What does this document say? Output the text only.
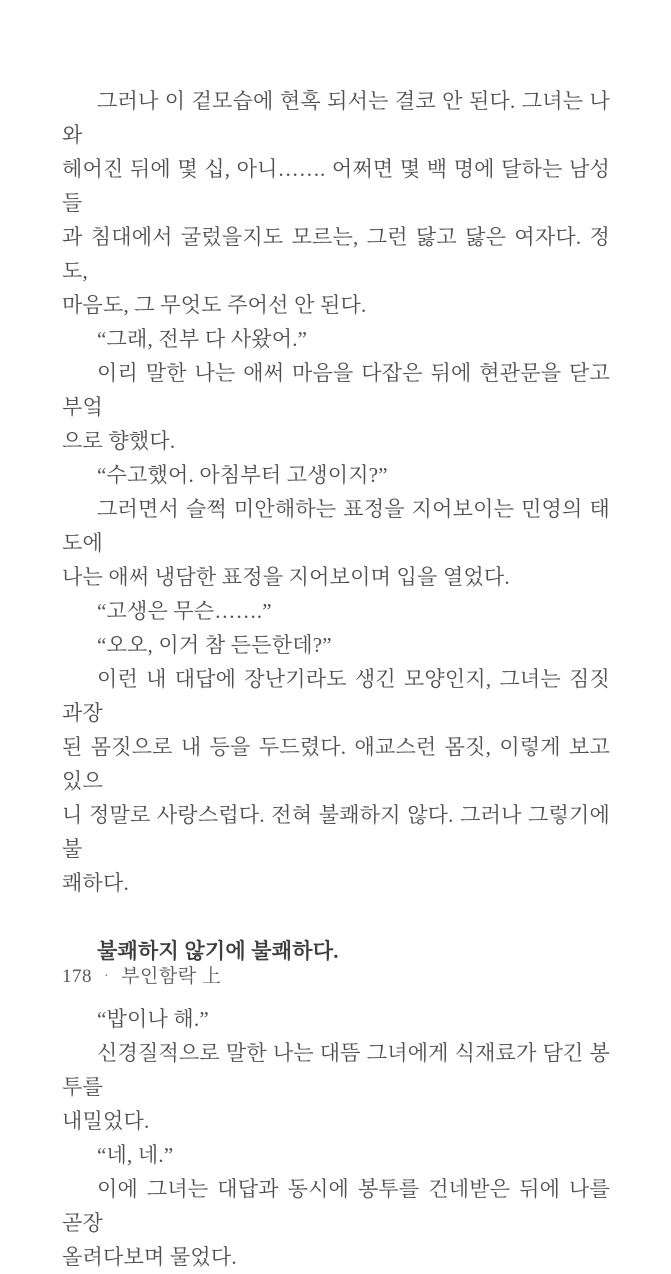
그러나 이 겉모습에 현혹 되서는 결코 안 된다. 그녀는 나와
헤어진 뒤에 몇 십, 아니……. 어쩌면 몇 백 명에 달하는 남성들
과 침대에서 굴렀을지도 모르는, 그런 닳고 닳은 여자다. 정도,
마음도, 그 무엇도 주어선 안 된다.
“그래, 전부 다 사왔어.”
이리 말한 나는 애써 마음을 다잡은 뒤에 현관문을 닫고 부엌
으로 향했다.
“수고했어. 아침부터 고생이지?”
그러면서 슬쩍 미안해하는 표정을 지어보이는 민영의 태도에
나는 애써 냉담한 표정을 지어보이며 입을 열었다.
“고생은 무슨…….”
“오오, 이거 참 든든한데?”
이런 내 대답에 장난기라도 생긴 모양인지, 그녀는 짐짓 과장
된 몸짓으로 내 등을 두드렸다. 애교스런 몸짓, 이렇게 보고 있으
니 정말로 사랑스럽다. 전혀 불쾌하지 않다. 그러나 그렇기에 불
쾌하다.
불쾌하지 않기에 불쾌하다.
“밥이나 해.”
신경질적으로 말한 나는 대뜸 그녀에게 식재료가 담긴 봉투를
내밀었다.
“네, 네.”
이에 그녀는 대답과 동시에 봉투를 건네받은 뒤에 나를 곧장
올려다보며 물었다.
178 · 부인함락 上
